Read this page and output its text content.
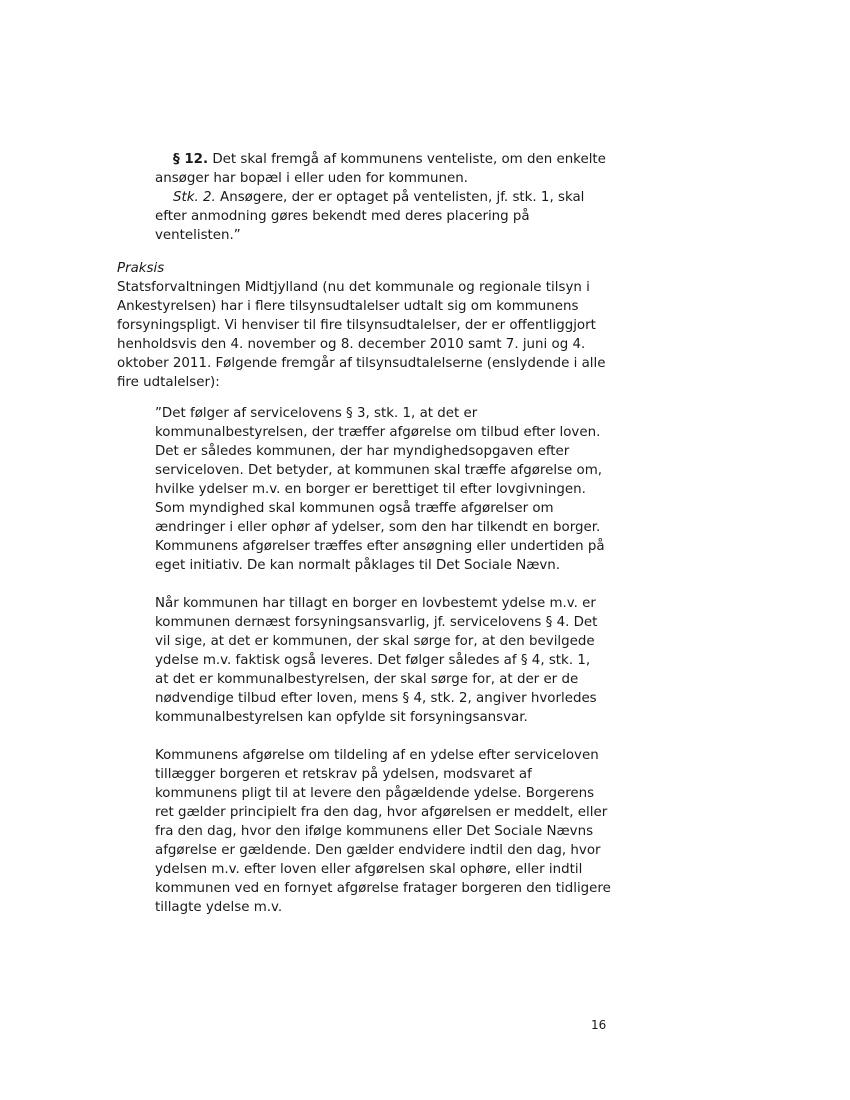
§ 12. Det skal fremgå af kommunens venteliste, om den enkelte
ansøger har bopæl i eller uden for kommunen.
Stk. 2. Ansøgere, der er optaget på ventelisten, jf. stk. 1, skal
efter anmodning gøres bekendt med deres placering på
ventelisten.”
Praksis
Statsforvaltningen Midtjylland (nu det kommunale og regionale tilsyn i
Ankestyrelsen) har i flere tilsynsudtalelser udtalt sig om kommunens
forsyningspligt. Vi henviser til fire tilsynsudtalelser, der er offentliggjort
henholdsvis den 4. november og 8. december 2010 samt 7. juni og 4.
oktober 2011. Følgende fremgår af tilsynsudtalelserne (enslydende i alle
fire udtalelser):
”Det følger af servicelovens § 3, stk. 1, at det er
kommunalbestyrelsen, der træffer afgørelse om tilbud efter loven.
Det er således kommunen, der har myndighedsopgaven efter
serviceloven. Det betyder, at kommunen skal træffe afgørelse om,
hvilke ydelser m.v. en borger er berettiget til efter lovgivningen.
Som myndighed skal kommunen også træffe afgørelser om
ændringer i eller ophør af ydelser, som den har tilkendt en borger.
Kommunens afgørelser træffes efter ansøgning eller undertiden på
eget initiativ. De kan normalt påklages til Det Sociale Nævn.
Når kommunen har tillagt en borger en lovbestemt ydelse m.v. er
kommunen dernæst forsyningsansvarlig, jf. servicelovens § 4. Det
vil sige, at det er kommunen, der skal sørge for, at den bevilgede
ydelse m.v. faktisk også leveres. Det følger således af § 4, stk. 1,
at det er kommunalbestyrelsen, der skal sørge for, at der er de
nødvendige tilbud efter loven, mens § 4, stk. 2, angiver hvorledes
kommunalbestyrelsen kan opfylde sit forsyningsansvar.
Kommunens afgørelse om tildeling af en ydelse efter serviceloven
tillægger borgeren et retskrav på ydelsen, modsvaret af
kommunens pligt til at levere den pågældende ydelse. Borgerens
ret gælder principielt fra den dag, hvor afgørelsen er meddelt, eller
fra den dag, hvor den ifølge kommunens eller Det Sociale Nævns
afgørelse er gældende. Den gælder endvidere indtil den dag, hvor
ydelsen m.v. efter loven eller afgørelsen skal ophøre, eller indtil
kommunen ved en fornyet afgørelse fratager borgeren den tidligere
tillagte ydelse m.v.
16
